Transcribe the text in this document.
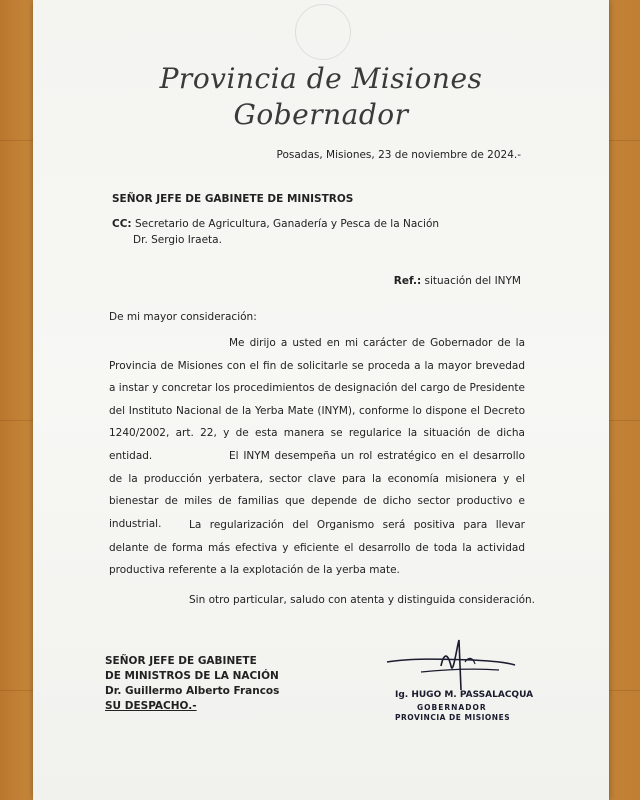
Provincia de Misiones
Gobernador
Posadas, Misiones, 23 de noviembre de 2024.-
SEÑOR JEFE DE GABINETE DE MINISTROS
CC: Secretario de Agricultura, Ganadería y Pesca de la Nación
Dr. Sergio Iraeta.
Ref.: situación del INYM
De mi mayor consideración:
Me dirijo a usted en mi carácter de Gobernador de la Provincia de Misiones con el fin de solicitarle se proceda a la mayor brevedad a instar y concretar los procedimientos de designación del cargo de Presidente del Instituto Nacional de la Yerba Mate (INYM), conforme lo dispone el Decreto 1240/2002, art. 22, y de esta manera se regularice la situación de dicha entidad.	El INYM desempeña un rol estratégico en el desarrollo de la producción yerbatera, sector clave para la economía misionera y el bienestar de miles de familias que depende de dicho sector productivo e industrial.	La regularización del Organismo será positiva para llevar delante de forma más efectiva y eficiente el desarrollo de toda la actividad productiva referente a la explotación de la yerba mate.
Sin otro particular, saludo con atenta y distinguida consideración.
SEÑOR JEFE DE GABINETE
DE MINISTROS DE LA NACIÓN
Dr. Guillermo Alberto Francos
SU DESPACHO.-
Ig. HUGO M. PASSALACQUA
GOBERNADOR
PROVINCIA DE MISIONES
